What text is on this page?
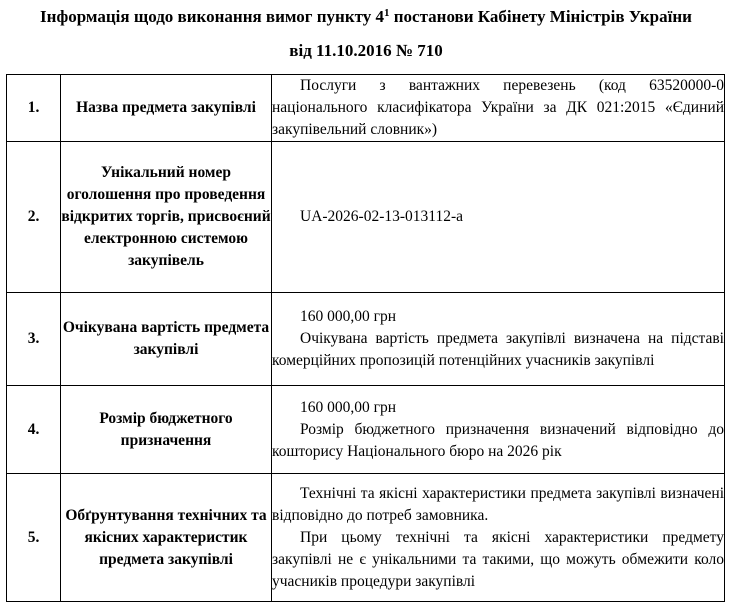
Інформація щодо виконання вимог пункту $4^1$ постанови Кабінету Міністрів України
від 11.10.2016 № 710
1.	Назва предмета закупівлі	Послуги з вантажних перевезень (код 63520000-0 національного класифікатора України за ДК 021:2015 «Єдиний закупівельний словник»)

2.	Унікальний номер оголошення про проведення відкритих торгів, присвоєний електронною системою закупівель	UA-2026-02-13-013112-a

3.	Очікувана вартість предмета закупівлі	160 000,00 грн
Очікувана вартість предмета закупівлі визначена на підставі комерційних пропозицій потенційних учасників закупівлі

4.	Розмір бюджетного призначення	160 000,00 грн
Розмір бюджетного призначення визначений відповідно до кошторису Національного бюро на 2026 рік

5.	Обґрунтування технічних та якісних характеристик предмета закупівлі	Технічні та якісні характеристики предмета закупівлі визначені відповідно до потреб замовника.
При цьому технічні та якісні характеристики предмету закупівлі не є унікальними та такими, що можуть обмежити коло учасників процедури закупівлі
